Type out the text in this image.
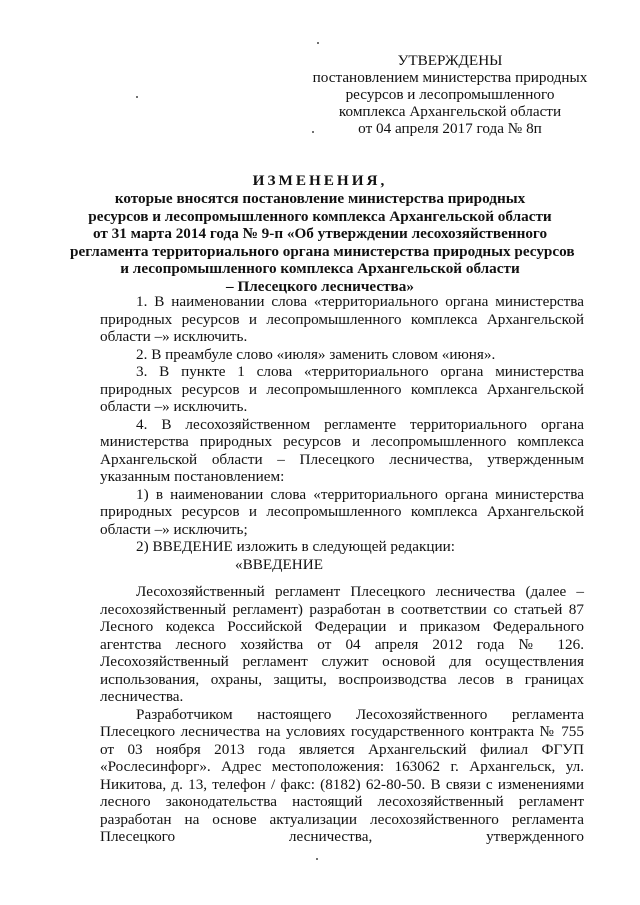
УТВЕРЖДЕНЫ
постановлением министерства природных
ресурсов и лесопромышленного
комплекса Архангельской области
от 04 апреля 2017 года № 8п
ИЗМЕНЕНИЯ,
которые вносятся постановление министерства природных
ресурсов и лесопромышленного комплекса Архангельской области
от 31 марта 2014 года № 9-п «Об утверждении лесохозяйственного
регламента территориального органа министерства природных ресурсов
и лесопромышленного комплекса Архангельской области
– Плесецкого лесничества»

1. В наименовании слова «территориального органа министерства природных ресурсов и лесопромышленного комплекса Архангельской области –» исключить.

2. В преамбуле слово «июля» заменить словом «июня».

3. В пункте 1 слова «территориального органа министерства природных ресурсов и лесопромышленного комплекса Архангельской области –» исключить.

4. В лесохозяйственном регламенте территориального органа министерства природных ресурсов и лесопромышленного комплекса Архангельской области – Плесецкого лесничества, утвержденным указанным постановлением:

1) в наименовании слова «территориального органа министерства природных ресурсов и лесопромышленного комплекса Архангельской области –» исключить;

2) ВВЕДЕНИЕ изложить в следующей редакции:

«ВВЕДЕНИЕ

Лесохозяйственный регламент Плесецкого лесничества (далее – лесохозяйственный регламент) разработан в соответствии со статьей 87 Лесного кодекса Российской Федерации и приказом Федерального агентства лесного хозяйства от 04 апреля 2012 года № 126. Лесохозяйственный регламент служит основой для осуществления использования, охраны, защиты, воспроизводства лесов в границах лесничества.

Разработчиком настоящего Лесохозяйственного регламента Плесецкого лесничества на условиях государственного контракта № 755 от 03 ноября 2013 года является Архангельский филиал ФГУП «Рослесинфорг». Адрес местоположения: 163062 г. Архангельск, ул. Никитова, д. 13, телефон / факс: (8182) 62-80-50. В связи с изменениями лесного законодательства настоящий лесохозяйственный регламент разработан на основе актуализации лесохозяйственного регламента Плесецкого лесничества, утвержденного
